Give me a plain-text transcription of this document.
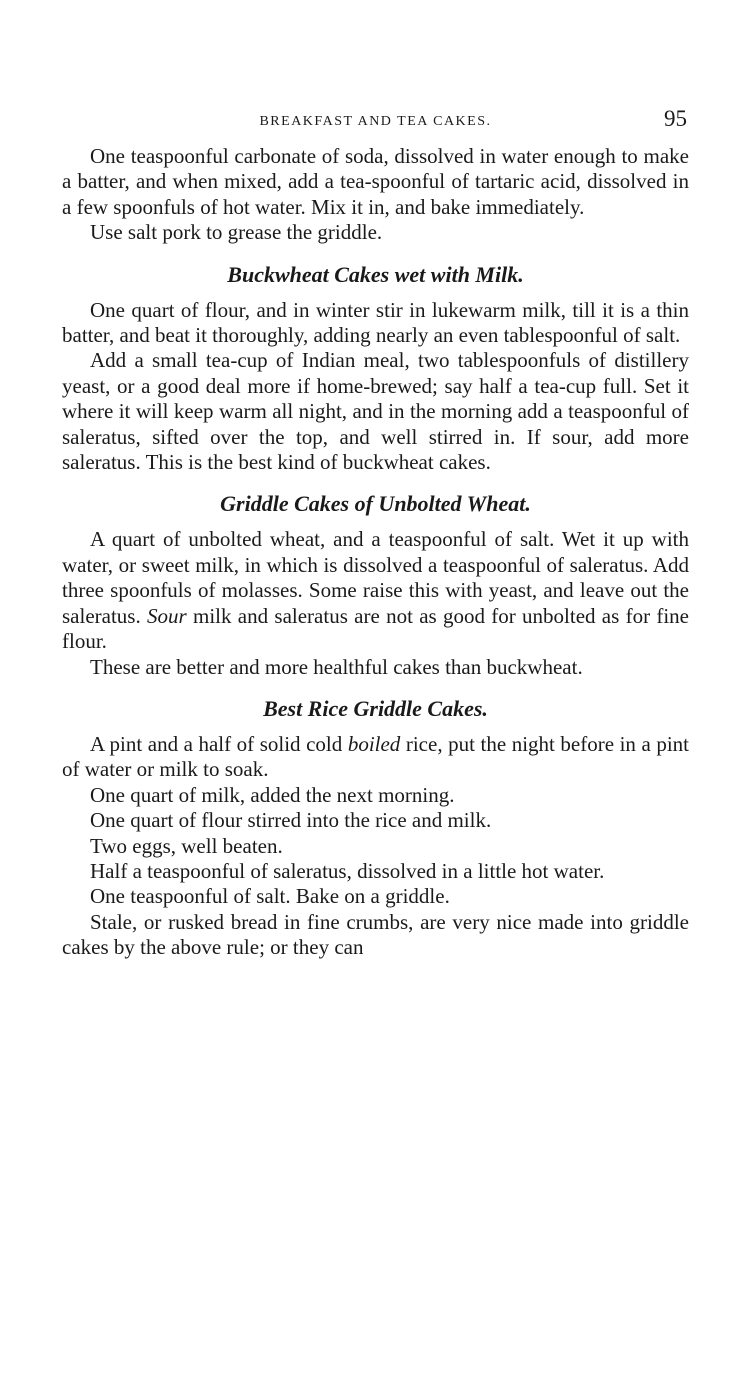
BREAKFAST AND TEA CAKES.	95

One teaspoonful carbonate of soda, dissolved in water enough to make a batter, and when mixed, add a tea-spoonful of tartaric acid, dissolved in a few spoonfuls of hot water. Mix it in, and bake immediately.

Use salt pork to grease the griddle.

Buckwheat Cakes wet with Milk.

One quart of flour, and in winter stir in lukewarm milk, till it is a thin batter, and beat it thoroughly, adding nearly an even tablespoonful of salt.

Add a small tea-cup of Indian meal, two tablespoonfuls of distillery yeast, or a good deal more if home-brewed; say half a tea-cup full. Set it where it will keep warm all night, and in the morning add a teaspoonful of saleratus, sifted over the top, and well stirred in. If sour, add more saleratus. This is the best kind of buckwheat cakes.

Griddle Cakes of Unbolted Wheat.

A quart of unbolted wheat, and a teaspoonful of salt. Wet it up with water, or sweet milk, in which is dissolved a teaspoonful of saleratus. Add three spoonfuls of molasses. Some raise this with yeast, and leave out the saleratus. Sour milk and saleratus are not as good for unbolted as for fine flour.

These are better and more healthful cakes than buckwheat.

Best Rice Griddle Cakes.

A pint and a half of solid cold boiled rice, put the night before in a pint of water or milk to soak.

One quart of milk, added the next morning.

One quart of flour stirred into the rice and milk.

Two eggs, well beaten.

Half a teaspoonful of saleratus, dissolved in a little hot water.

One teaspoonful of salt. Bake on a griddle.

Stale, or rusked bread in fine crumbs, are very nice made into griddle cakes by the above rule; or they can
